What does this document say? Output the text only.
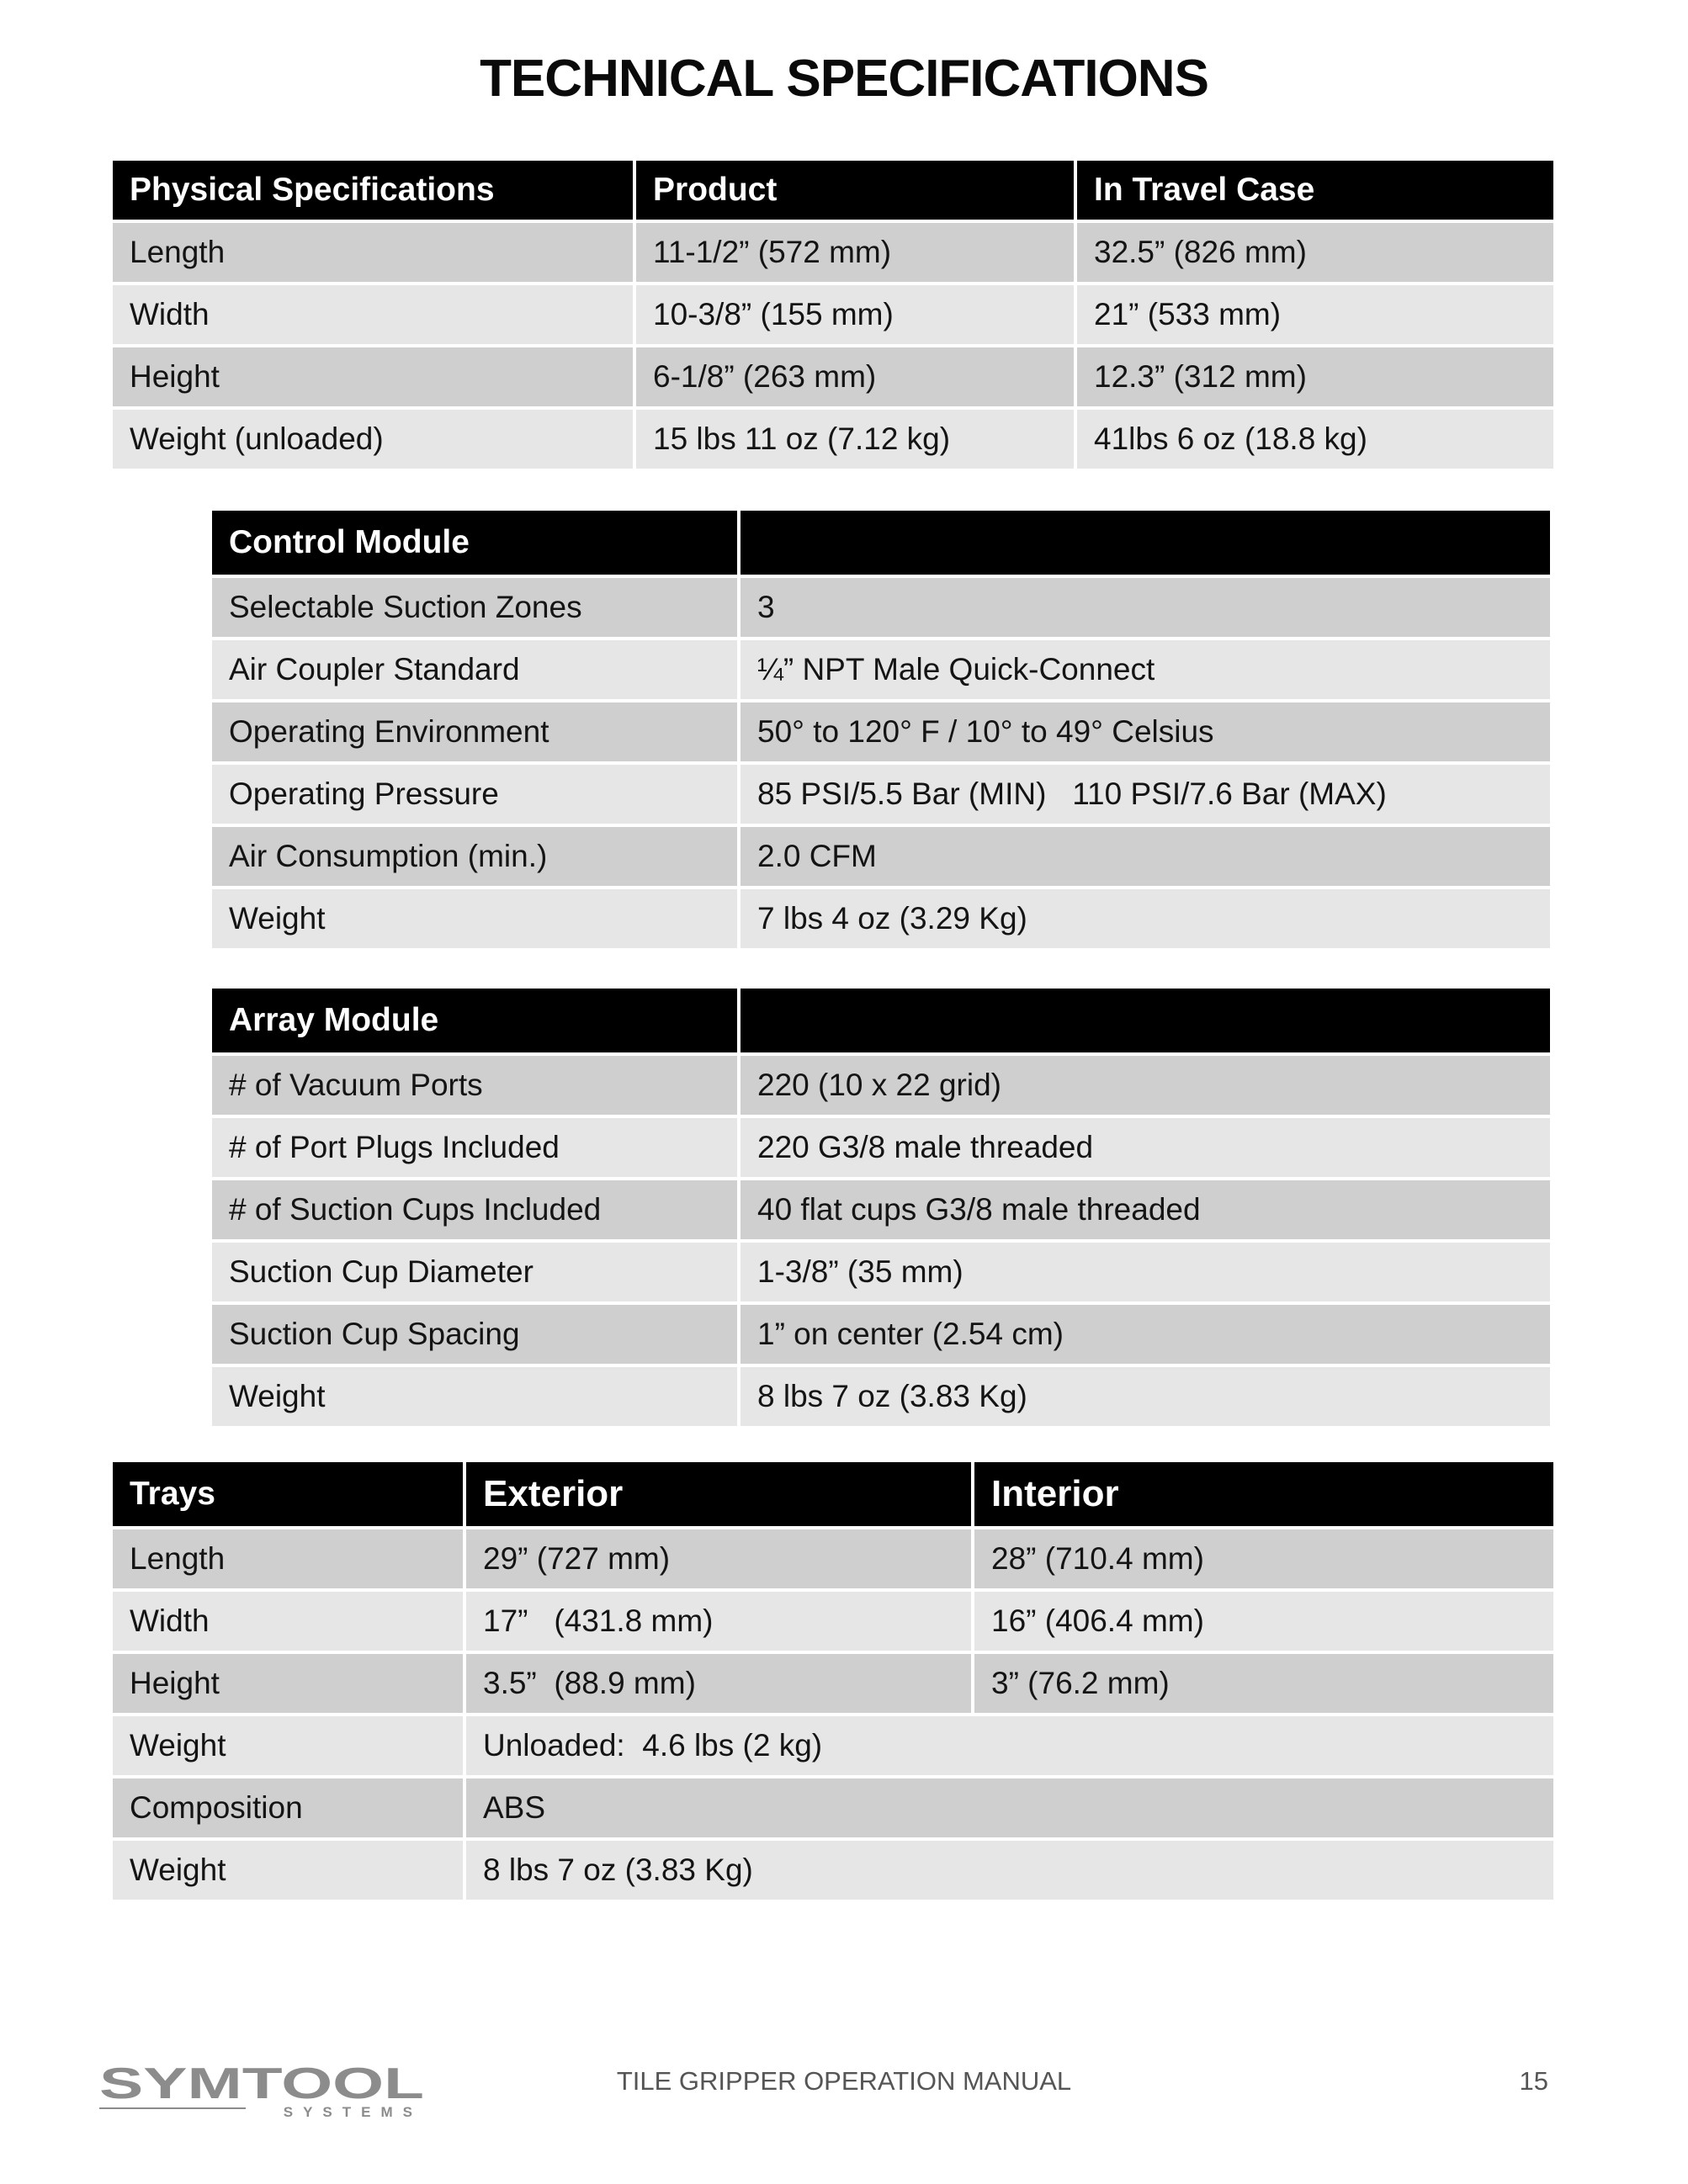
TECHNICAL SPECIFICATIONS
Physical Specifications	Product	In Travel Case
Length	11-1/2” (572 mm)	32.5” (826 mm)
Width	10-3/8” (155 mm)	21” (533 mm)
Height	6-1/8” (263 mm)	12.3” (312 mm)
Weight (unloaded)	15 lbs 11 oz (7.12 kg)	41lbs 6 oz (18.8 kg)
Control Module	
Selectable Suction Zones	3
Air Coupler Standard	¼” NPT Male Quick-Connect
Operating Environment	50° to 120° F / 10° to 49° Celsius
Operating Pressure	85 PSI/5.5 Bar (MIN)   110 PSI/7.6 Bar (MAX)
Air Consumption (min.)	2.0 CFM
Weight	7 lbs 4 oz (3.29 Kg)
Array Module	
# of Vacuum Ports	220 (10 x 22 grid)
# of Port Plugs Included	220 G3/8 male threaded
# of Suction Cups Included	40 flat cups G3/8 male threaded
Suction Cup Diameter	1-3/8” (35 mm)
Suction Cup Spacing	1” on center (2.54 cm)
Weight	8 lbs 7 oz (3.83 Kg)
Trays	Exterior	Interior
Length	29” (727 mm)	28” (710.4 mm)
Width	17”   (431.8 mm)	16” (406.4 mm)
Height	3.5”  (88.9 mm)	3” (76.2 mm)
Weight	Unloaded:  4.6 lbs (2 kg)	
Composition	ABS	
Weight	8 lbs 7 oz (3.83 Kg)	
SYMTOOL
SYSTEMS
TILE GRIPPER OPERATION MANUAL	15
